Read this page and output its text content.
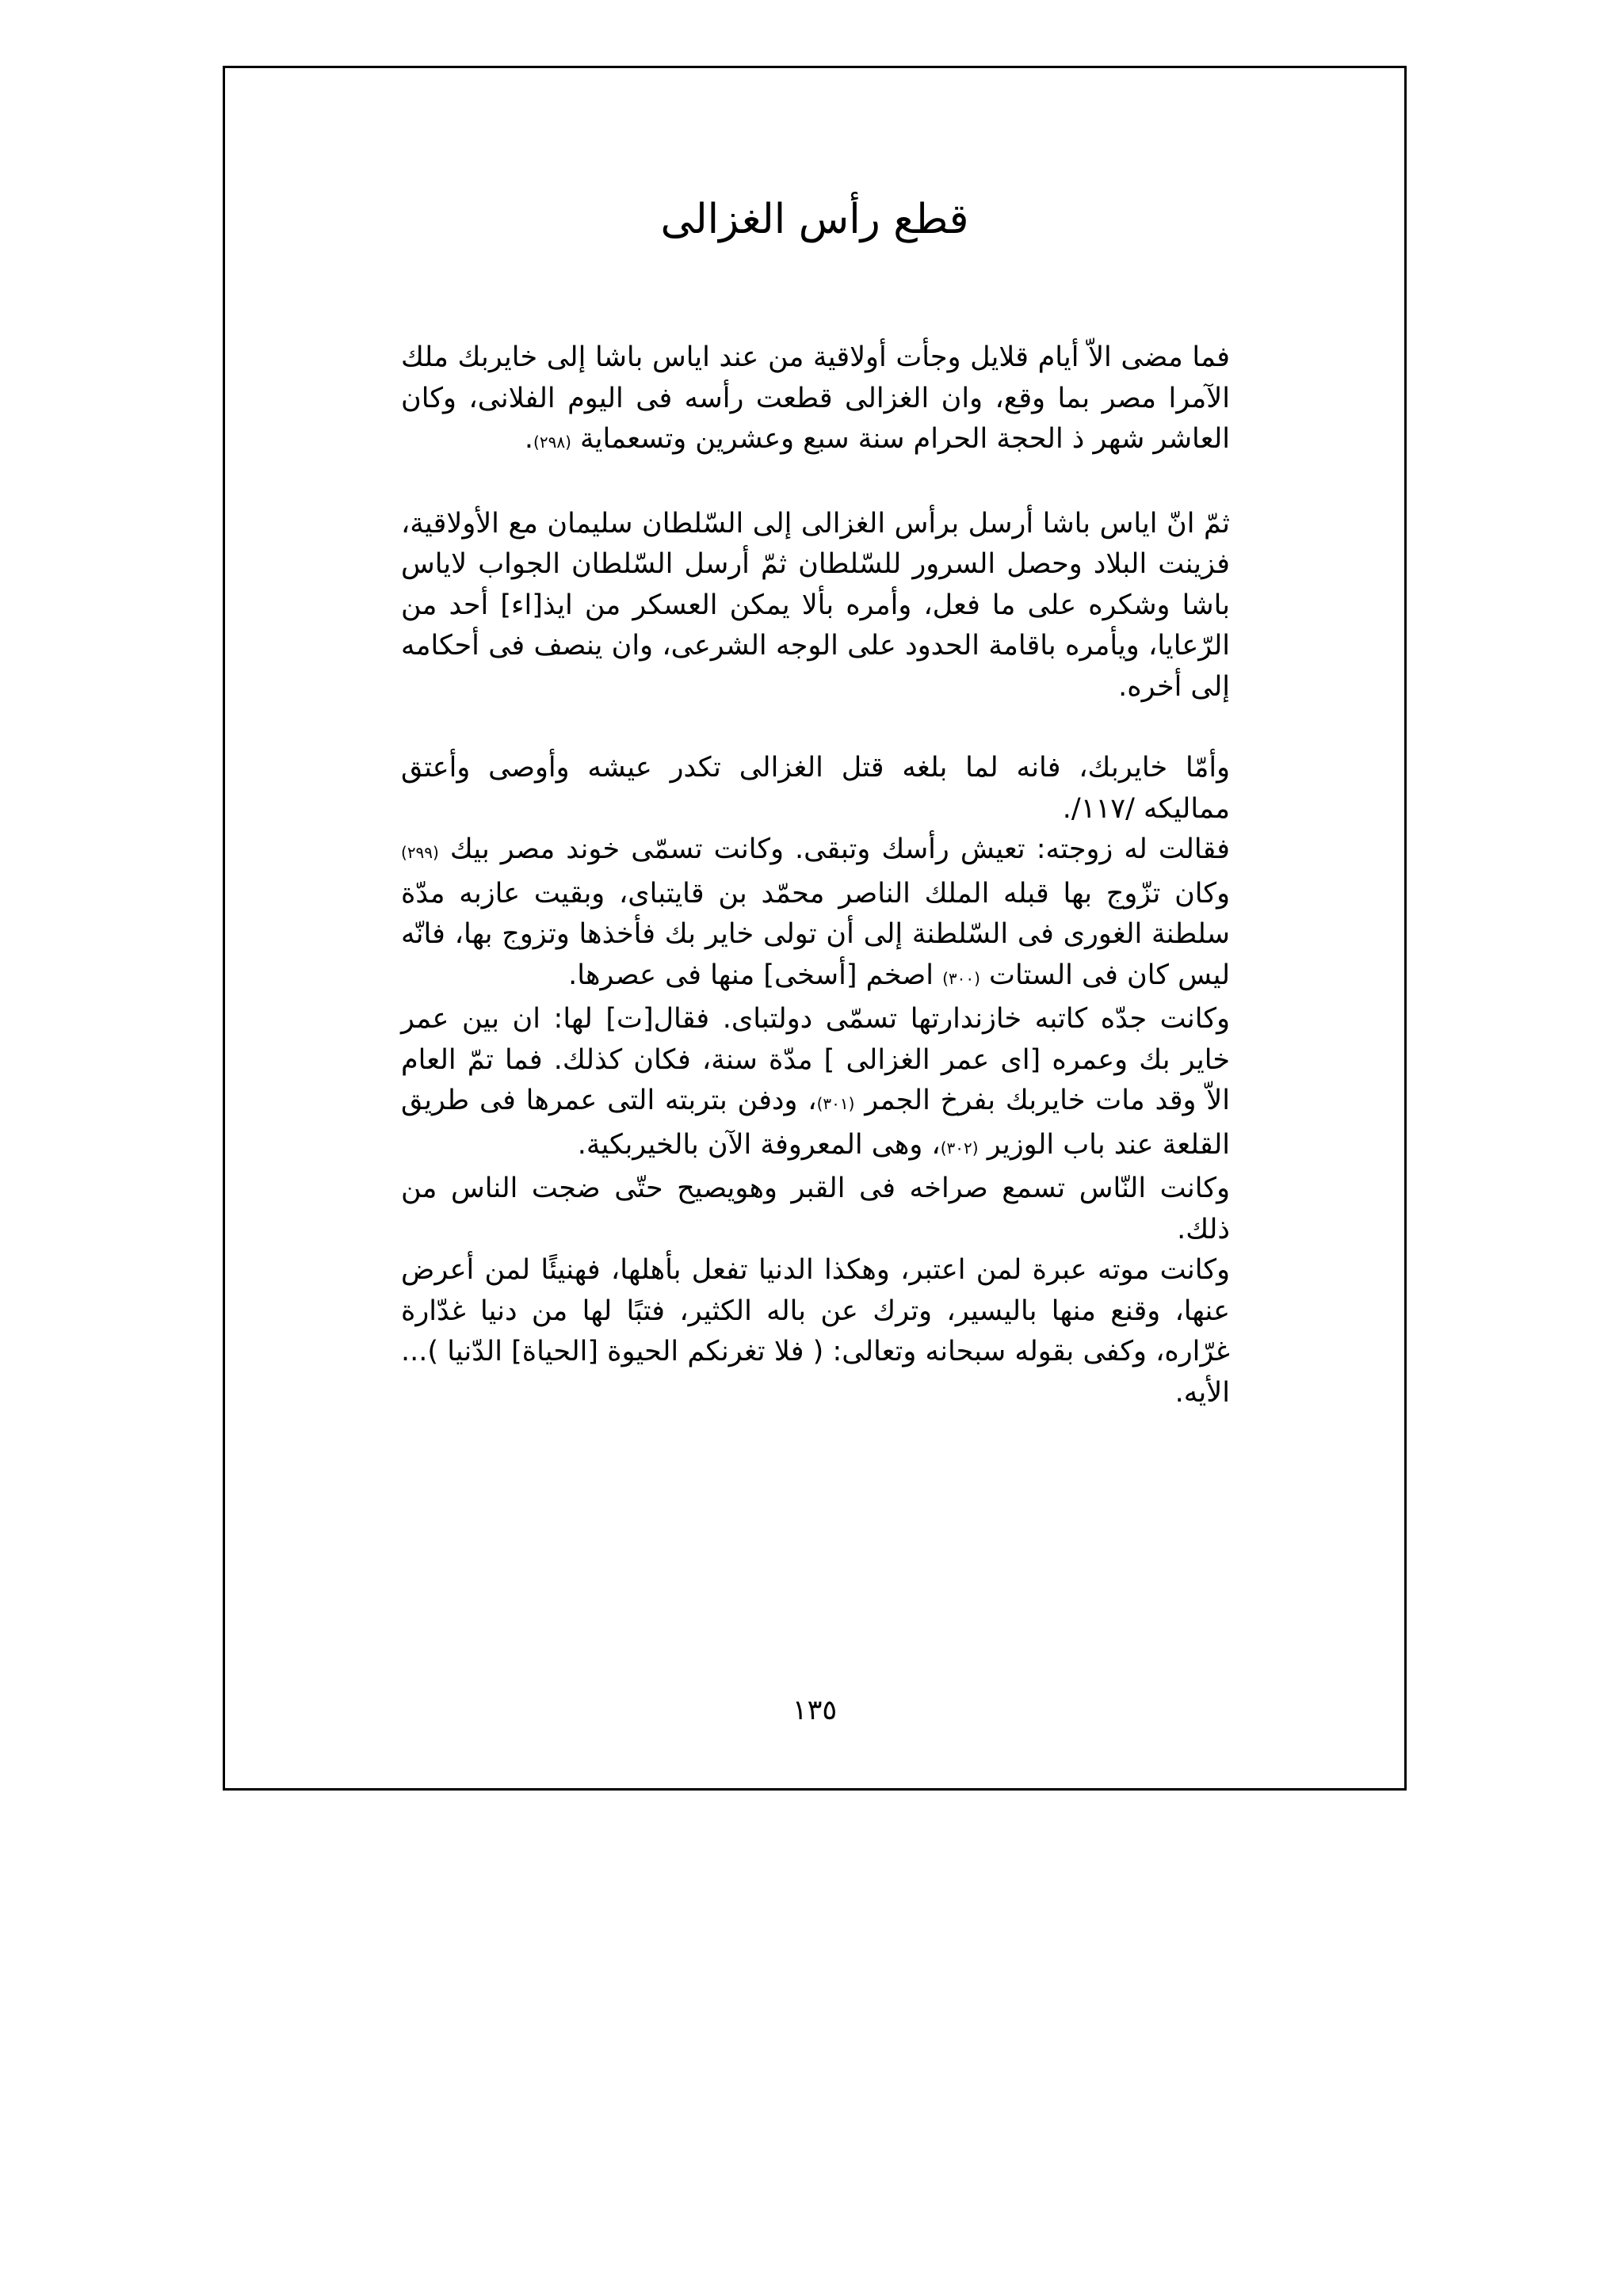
قطع رأس الغزالى

فما مضى الاّ أيام قلايل وجأت أولاقية من عند اياس باشا إلى خايربك ملك الآمرا مصر بما وقع، وان الغزالى قطعت رأسه فى اليوم الفلانى، وكان العاشر شهر ذ الحجة الحرام سنة سبع وعشرين وتسعماية (٢٩٨).

ثمّ انّ اياس باشا أرسل برأس الغزالى إلى السّلطان سليمان مع الأولاقية، فزينت البلاد وحصل السرور للسّلطان ثمّ أرسل السّلطان الجواب لاياس باشا وشكره على ما فعل، وأمره بألا يمكن العسكر من ايذ[اء] أحد من الرّعايا، ويأمره باقامة الحدود على الوجه الشرعى، وان ينصف فى أحكامه إلى أخره.

وأمّا خايربك، فانه لما بلغه قتل الغزالى تكدر عيشه وأوصى وأعتق مماليكه /١١٧/.

فقالت له زوجته: تعيش رأسك وتبقى. وكانت تسمّى خوند مصر بيك (٢٩٩) وكان تزّوج بها قبله الملك الناصر محمّد بن قايتباى، وبقيت عازبه مدّة سلطنة الغورى فى السّلطنة إلى أن تولى خاير بك فأخذها وتزوج بها، فانّه ليس كان فى الستات (٣٠٠) اصخم [أسخى] منها فى عصرها.

وكانت جدّه كاتبه خازندارتها تسمّى دولتباى. فقال[ت] لها: ان بين عمر خاير بك وعمره [اى عمر الغزالى ] مدّة سنة، فكان كذلك. فما تمّ العام الاّ وقد مات خايربك بفرخ الجمر (٣٠١)، ودفن بتربته التى عمرها فى طريق القلعة عند باب الوزير (٣٠٢)، وهى المعروفة الآن بالخيربكية.

وكانت النّاس تسمع صراخه فى القبر وهويصيح حتّى ضجت الناس من ذلك.

وكانت موته عبرة لمن اعتبر، وهكذا الدنيا تفعل بأهلها، فهنيئًا لمن أعرض عنها، وقنع منها باليسير، وترك عن باله الكثير، فتبًا لها من دنيا غدّارة غرّاره، وكفى بقوله سبحانه وتعالى: ( فلا تغرنكم الحيوة [الحياة] الدّنيا )... الأيه.

١٣٥
